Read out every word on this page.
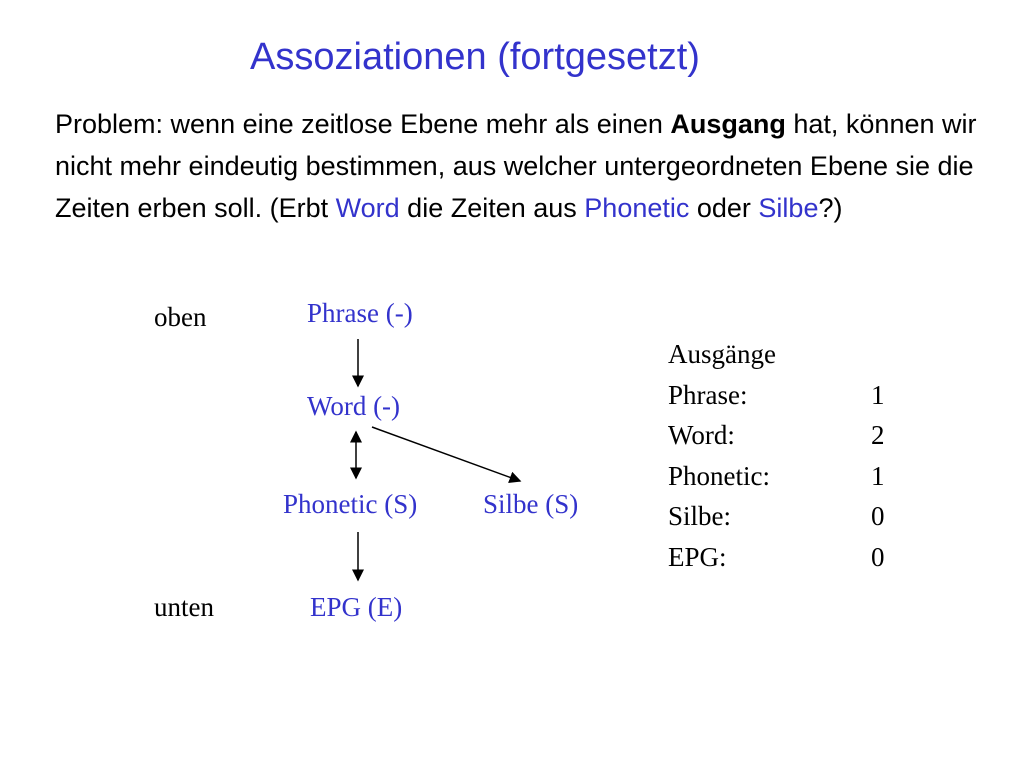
Assoziationen (fortgesetzt)
Problem: wenn eine zeitlose Ebene mehr als einen Ausgang hat, können wir nicht mehr eindeutig bestimmen, aus welcher untergeordneten Ebene sie die Zeiten erben soll. (Erbt Word die Zeiten aus Phonetic oder Silbe?)
oben
unten
Phrase (-)
Word (-)
Phonetic (S) Silbe (S)
EPG (E)
Ausgänge
Phrase:	1
Word:	2
Phonetic:	1
Silbe:	0
EPG:	0
